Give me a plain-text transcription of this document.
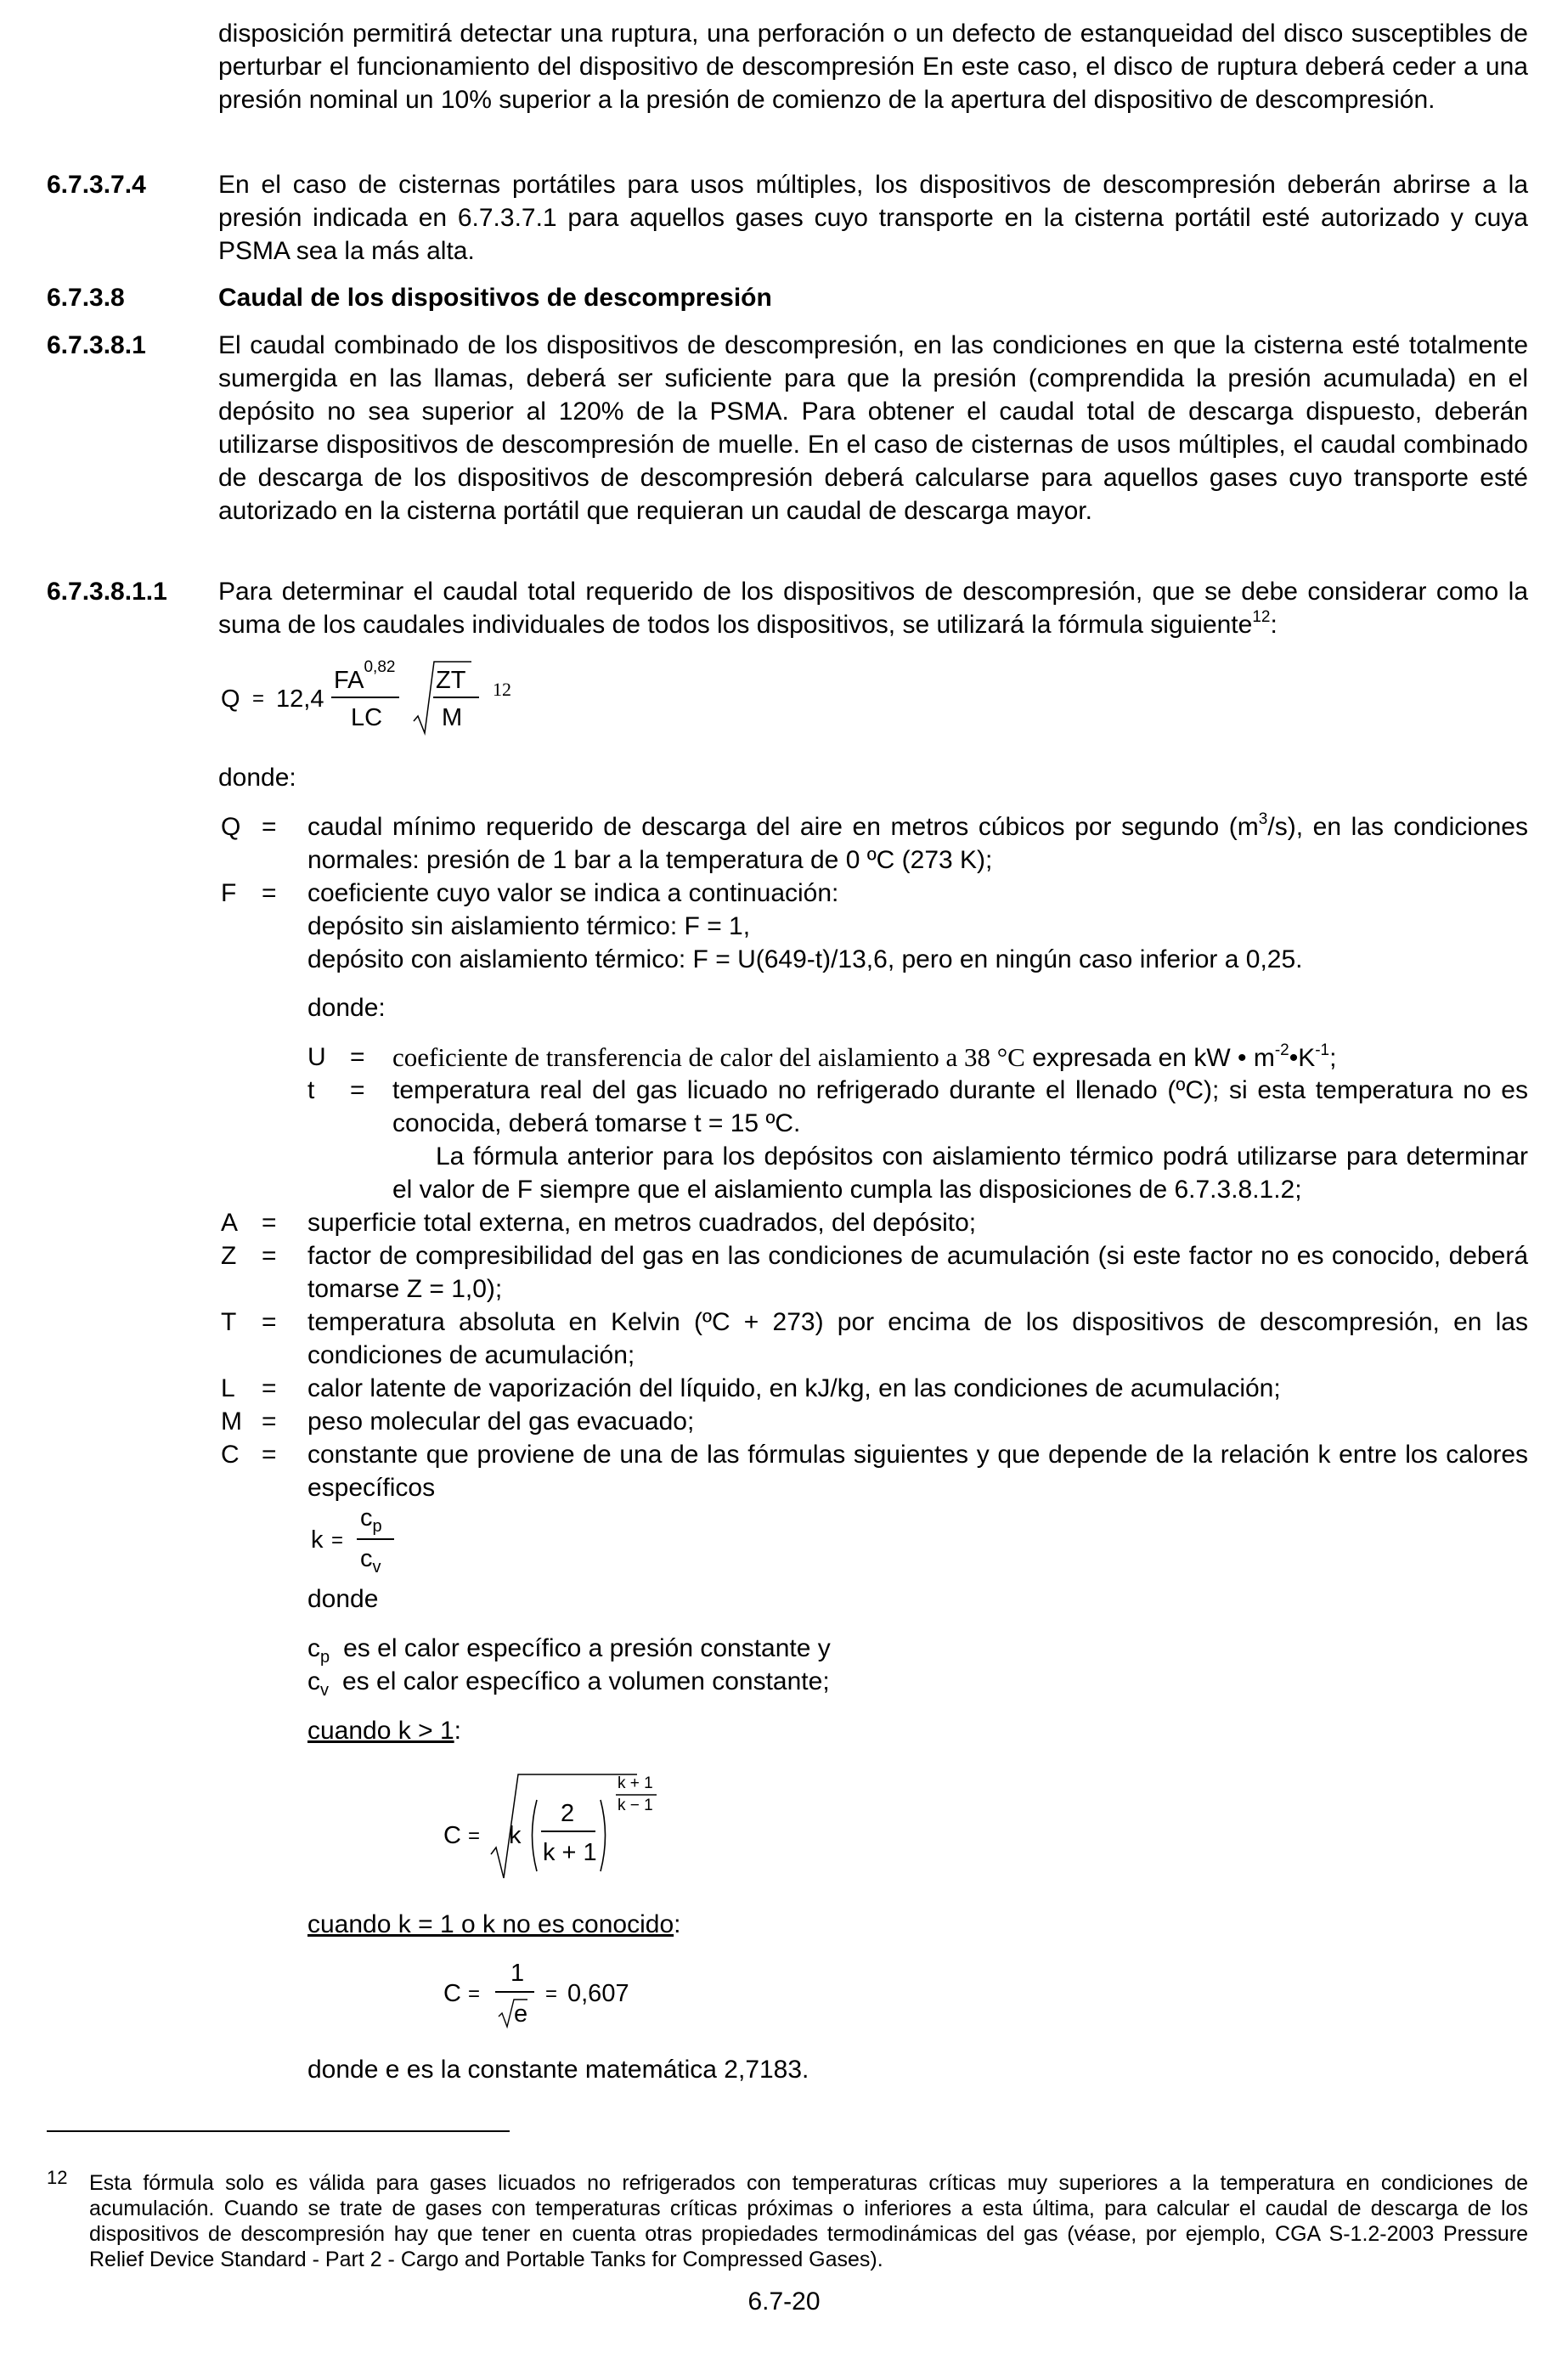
disposición permitirá detectar una ruptura, una perforación o un defecto de estanqueidad del disco susceptibles de perturbar el funcionamiento del dispositivo de descompresión En este caso, el disco de ruptura deberá ceder a una presión nominal un 10% superior a la presión de comienzo de la apertura del dispositivo de descompresión.

6.7.3.7.4	En el caso de cisternas portátiles para usos múltiples, los dispositivos de descompresión deberán abrirse a la presión indicada en 6.7.3.7.1 para aquellos gases cuyo transporte en la cisterna portátil esté autorizado y cuya PSMA sea la más alta.

6.7.3.8	Caudal de los dispositivos de descompresión
6.7.3.8.1	El caudal combinado de los dispositivos de descompresión, en las condiciones en que la cisterna esté totalmente sumergida en las llamas, deberá ser suficiente para que la presión (comprendida la presión acumulada) en el depósito no sea superior al 120% de la PSMA. Para obtener el caudal total de descarga dispuesto, deberán utilizarse dispositivos de descompresión de muelle. En el caso de cisternas de usos múltiples, el caudal combinado de descarga de los dispositivos de descompresión deberá calcularse para aquellos gases cuyo transporte esté autorizado en la cisterna portátil que requieran un caudal de descarga mayor.

6.7.3.8.1.1 Para determinar el caudal total requerido de los dispositivos de descompresión, que se debe considerar como la suma de los caudales individuales de todos los dispositivos, se utilizará la fórmula siguiente$^{12}$:

Q = 12,4
FA$^{0,82}$
LC
ZT
M
12
donde:
Q = caudal mínimo requerido de descarga del aire en metros cúbicos por segundo $(m^3/s)$, en las condiciones normales: presión de 1 bar a la temperatura de 0 ºC (273 K);

F = coeficiente cuyo valor se indica a continuación:
depósito sin aislamiento térmico: F = 1,
depósito con aislamiento térmico: F = U(649-t)/13,6, pero en ningún caso inferior a 0,25.
donde:
U = coeficiente de transferencia de calor del aislamiento a 38 °C expresada en kW • $m^{-2}•K^{-1}$;
t = temperatura real del gas licuado no refrigerado durante el llenado (ºC); si esta temperatura no es conocida, deberá tomarse t = 15 ºC.

La fórmula anterior para los depósitos con aislamiento térmico podrá utilizarse para determinar el valor de F siempre que el aislamiento cumpla las disposiciones de 6.7.3.8.1.2;

A = superficie total externa, en metros cuadrados, del depósito;

Z = factor de compresibilidad del gas en las condiciones de acumulación (si este factor no es conocido, deberá tomarse Z = 1,0);

T = temperatura absoluta en Kelvin (ºC + 273) por encima de los dispositivos de descompresión, en las condiciones de acumulación;

L = calor latente de vaporización del líquido, en kJ/kg, en las condiciones de acumulación;

M = peso molecular del gas evacuado;

C = constante que proviene de una de las fórmulas siguientes y que depende de la relación k entre los calores específicos

k =
$c_p$
$c_v$
donde
$c_p$ es el calor específico a presión constante y
$c_v$ es el calor específico a volumen constante;
cuando k > 1:
C = k
2
k + 1
k + 1
k − 1
cuando k = 1 o k no es conocido:
C =
1
e
= 0,607
donde e es la constante matemática 2,7183.
12 Esta fórmula solo es válida para gases licuados no refrigerados con temperaturas críticas muy superiores a la temperatura en condiciones de acumulación. Cuando se trate de gases con temperaturas críticas próximas o inferiores a esta última, para calcular el caudal de descarga de los dispositivos de descompresión hay que tener en cuenta otras propiedades termodinámicas del gas (véase, por ejemplo, CGA S-1.2-2003 Pressure Relief Device Standard - Part 2 - Cargo and Portable Tanks for Compressed Gases).

6.7-20
